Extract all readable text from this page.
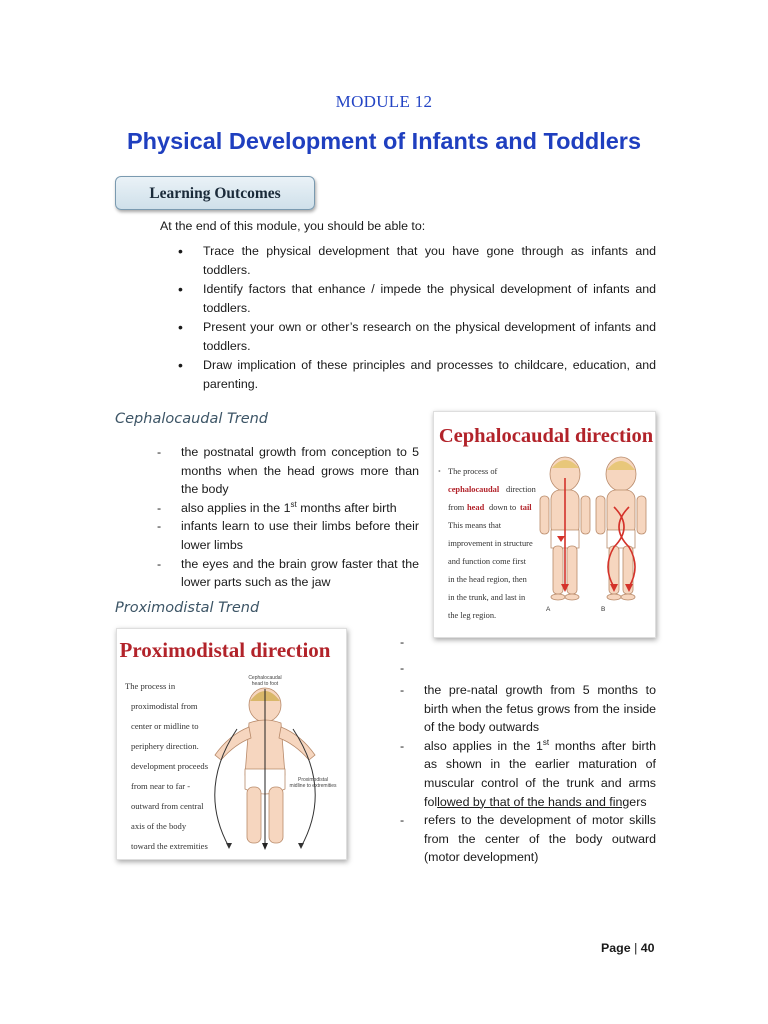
MODULE 12
Physical Development of Infants and Toddlers
Learning Outcomes
At the end of this module, you should be able to:
• Trace the physical development that you have gone through as infants and toddlers.
• Identify factors that enhance / impede the physical development of infants and toddlers.
• Present your own or other’s research on the physical development of infants and toddlers.
• Draw implication of these principles and processes to childcare, education, and parenting.
Cephalocaudal Trend
- the postnatal growth from conception to 5 months when the head grows more than the body
- also applies in the 1st months after birth
- infants learn to use their limbs before their lower limbs
- the eyes and the brain grow faster that the lower parts such as the jaw
Cephalocaudal direction
• The process of
cephalocaudal direction
from head down to tail
This means that
improvement in structure
and function come first
in the head region, then
in the trunk, and last in
the leg region.
A	B
Proximodistal Trend
Proximodistal direction
The process in
proximodistal from
center or midline to
periphery direction.
development proceeds
from near to far -
outward from central
axis of the body
toward the extremities
Cephalocaudal
head to foot
Proximodistal
midline to extremities
-
-
- the pre-natal growth from 5 months to birth when the fetus grows from the inside of the body outwards
- also applies in the 1st months after birth as shown in the earlier maturation of muscular control of the trunk and arms followed by that of the hands and fingers
- refers to the development of motor skills from the center of the body outward (motor development)
Page | 40
